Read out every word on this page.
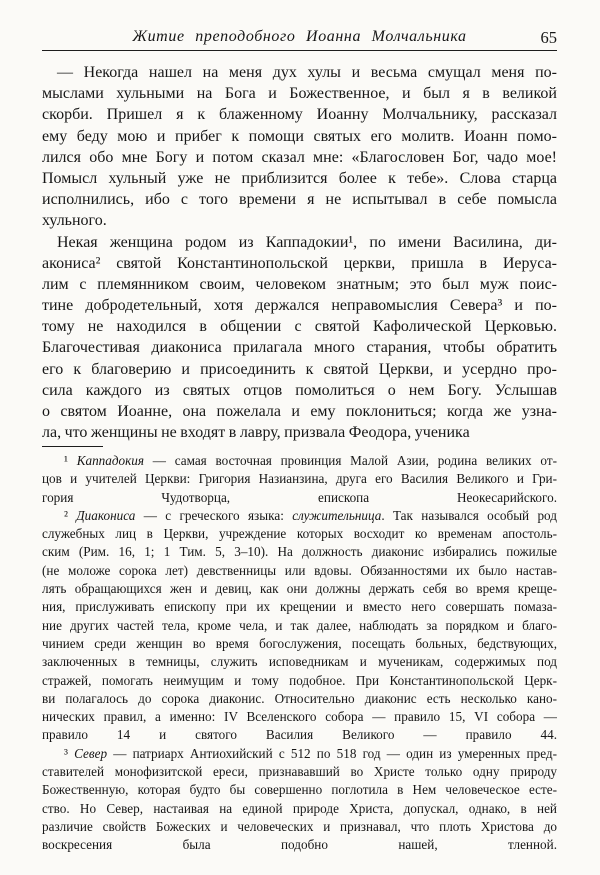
Житие преподобного Иоанна Молчальника	65
— Некогда нашел на меня дух хулы и весьма смущал меня по-
мыслами хульными на Бога и Божественное, и был я в великой
скорби. Пришел я к блаженному Иоанну Молчальнику, рассказал
ему беду мою и прибег к помощи святых его молитв. Иоанн помо-
лился обо мне Богу и потом сказал мне: «Благословен Бог, чадо мое!
Помысл хульный уже не приблизится более к тебе». Слова старца
исполнились, ибо с того времени я не испытывал в себе помысла
хульного.
Некая женщина родом из Каппадокии¹, по имени Василина, ди-
акониса² святой Константинопольской церкви, пришла в Иеруса-
лим с племянником своим, человеком знатным; это был муж поис-
тине добродетельный, хотя держался неправомыслия Севера³ и по-
тому не находился в общении с святой Кафолической Церковью.
Благочестивая диакониса прилагала много старания, чтобы обратить
его к благоверию и присоединить к святой Церкви, и усердно про-
сила каждого из святых отцов помолиться о нем Богу. Услышав
о святом Иоанне, она пожелала и ему поклониться; когда же узна-
ла, что женщины не входят в лавру, призвала Феодора, ученика
¹ Каппадокия — самая восточная провинция Малой Азии, родина великих от-
цов и учителей Церкви: Григория Назианзина, друга его Василия Великого и Гри-
гория Чудотворца, епископа Неокесарийского.
² Диакониса — с греческого языка: служительница. Так назывался особый род
служебных лиц в Церкви, учреждение которых восходит ко временам апостоль-
ским (Рим. 16, 1; 1 Тим. 5, 3–10). На должность диаконис избирались пожилые
(не моложе сорока лет) девственницы или вдовы. Обязанностями их было настав-
лять обращающихся жен и девиц, как они должны держать себя во время креще-
ния, прислуживать епископу при их крещении и вместо него совершать помаза-
ние других частей тела, кроме чела, и так далее, наблюдать за порядком и благо-
чинием среди женщин во время богослужения, посещать больных, бедствующих,
заключенных в темницы, служить исповедникам и мученикам, содержимых под
стражей, помогать неимущим и тому подобное. При Константинопольской Церк-
ви полагалось до сорока диаконис. Относительно диаконис есть несколько кано-
нических правил, а именно: IV Вселенского собора — правило 15, VI собора —
правило 14 и святого Василия Великого — правило 44.
³ Север — патриарх Антиохийский с 512 по 518 год — один из умеренных пред-
ставителей монофизитской ереси, признававший во Христе только одну природу
Божественную, которая будто бы совершенно поглотила в Нем человеческое есте-
ство. Но Север, настаивая на единой природе Христа, допускал, однако, в ней
различие свойств Божеских и человеческих и признавал, что плоть Христова до
воскресения была подобно нашей, тленной.
